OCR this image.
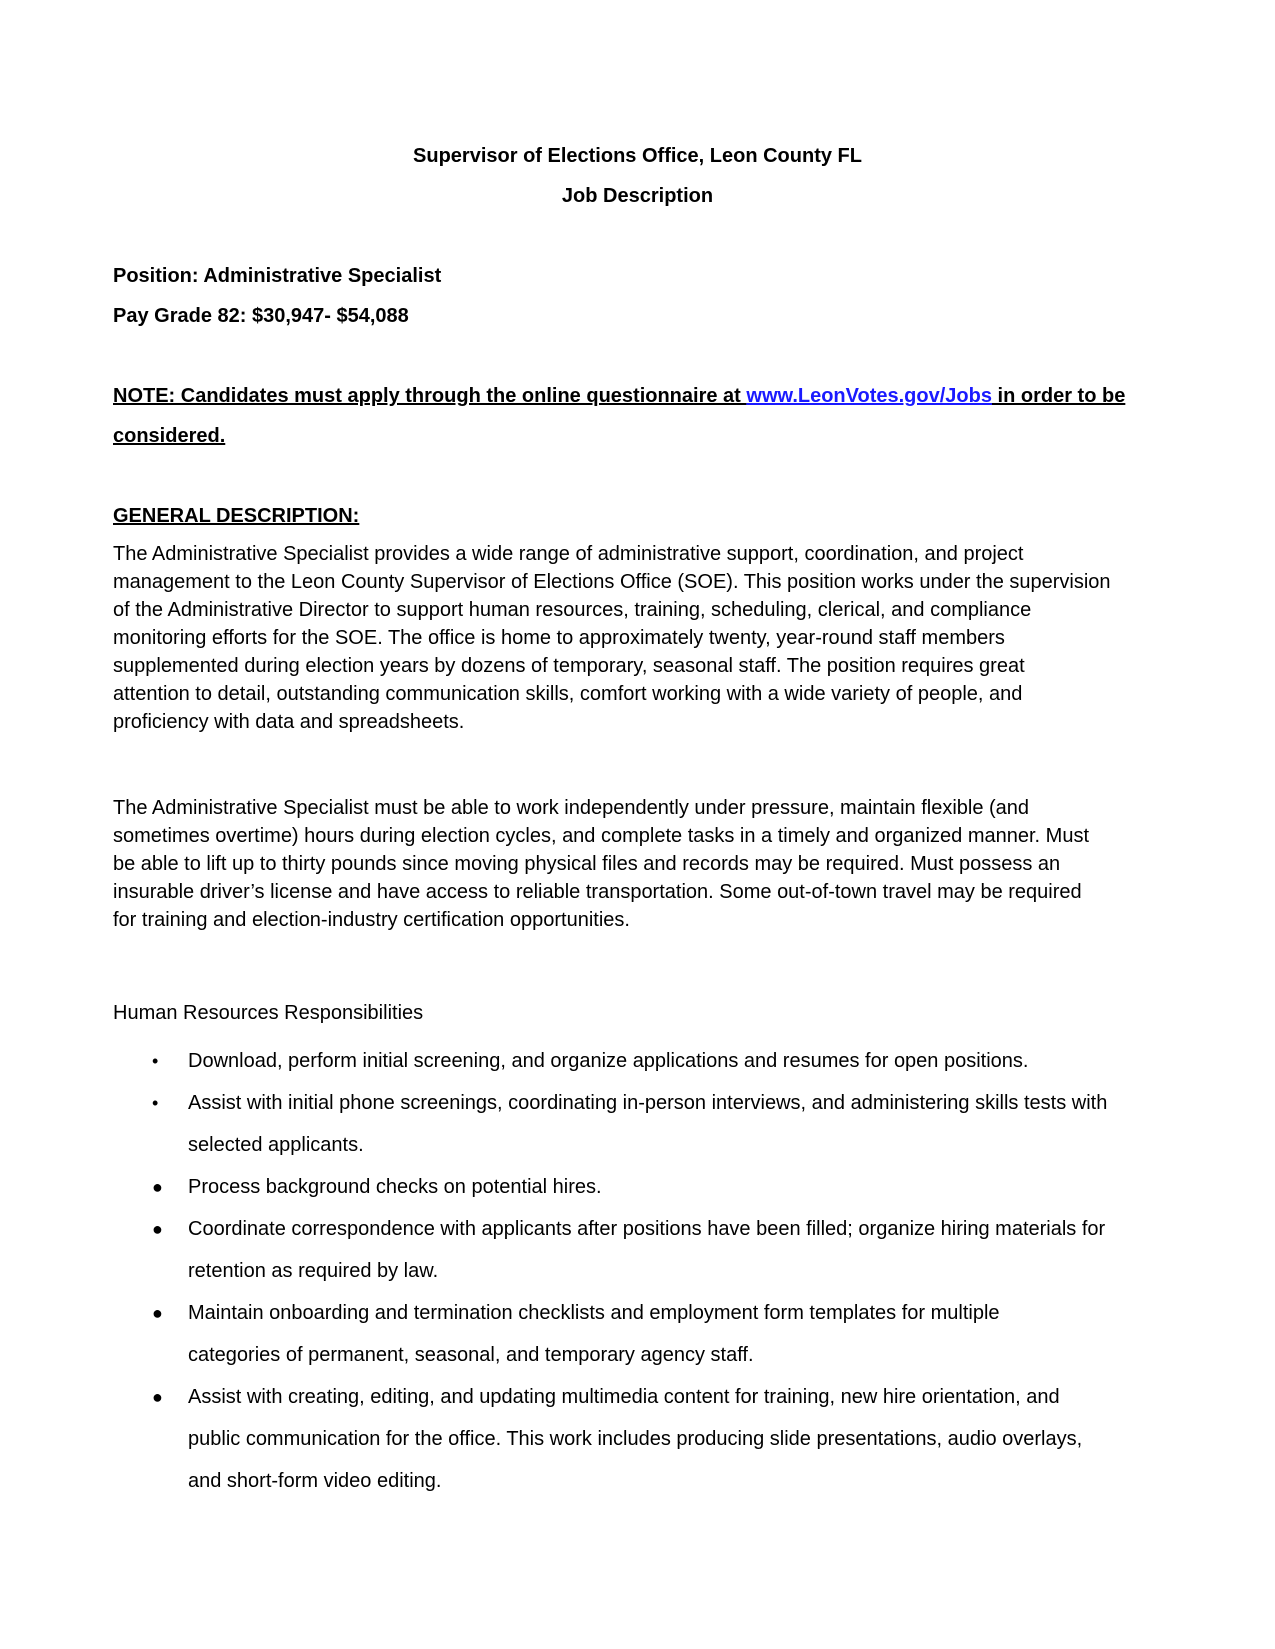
Supervisor of Elections Office, Leon County FL
Job Description
Position: Administrative Specialist
Pay Grade 82: $30,947- $54,088
NOTE: Candidates must apply through the online questionnaire at www.LeonVotes.gov/Jobs in order to be
considered.
GENERAL DESCRIPTION:
The Administrative Specialist provides a wide range of administrative support, coordination, and project
management to the Leon County Supervisor of Elections Office (SOE). This position works under the supervision
of the Administrative Director to support human resources, training, scheduling, clerical, and compliance
monitoring efforts for the SOE. The office is home to approximately twenty, year-round staff members
supplemented during election years by dozens of temporary, seasonal staff. The position requires great
attention to detail, outstanding communication skills, comfort working with a wide variety of people, and
proficiency with data and spreadsheets.
The Administrative Specialist must be able to work independently under pressure, maintain flexible (and
sometimes overtime) hours during election cycles, and complete tasks in a timely and organized manner. Must
be able to lift up to thirty pounds since moving physical files and records may be required. Must possess an
insurable driver’s license and have access to reliable transportation. Some out-of-town travel may be required
for training and election-industry certification opportunities.
Human Resources Responsibilities
• Download, perform initial screening, and organize applications and resumes for open positions.
• Assist with initial phone screenings, coordinating in-person interviews, and administering skills tests with
selected applicants.
● Process background checks on potential hires.
● Coordinate correspondence with applicants after positions have been filled; organize hiring materials for
retention as required by law.
● Maintain onboarding and termination checklists and employment form templates for multiple
categories of permanent, seasonal, and temporary agency staff.
● Assist with creating, editing, and updating multimedia content for training, new hire orientation, and
public communication for the office. This work includes producing slide presentations, audio overlays,
and short-form video editing.
